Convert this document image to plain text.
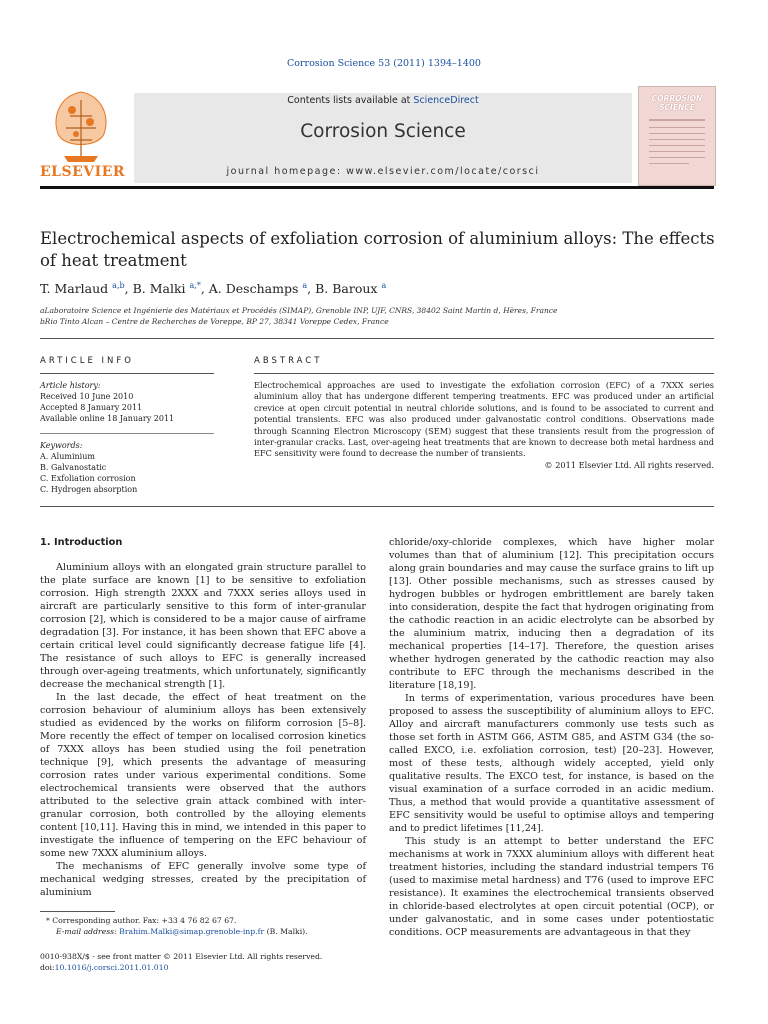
Corrosion Science 53 (2011) 1394–1400
ELSEVIER
Contents lists available at ScienceDirect
Corrosion Science
journal homepage: www.elsevier.com/locate/corsci
CORROSION SCIENCE
Electrochemical aspects of exfoliation corrosion of aluminium alloys: The effects of heat treatment
T. Marlaud $^{a,b}$, B. Malki $^{a,*}$, A. Deschamps $^a$, B. Baroux $^a$
aLaboratoire Science et Ingénierie des Matériaux et Procédés (SIMAP), Grenoble INP, UJF, CNRS, 38402 Saint Martin d, Hères, France
bRio Tinto Alcan – Centre de Recherches de Voreppe, BP 27, 38341 Voreppe Cedex, France
ARTICLE INFO	ABSTRACT
Article history:
Received 10 June 2010
Accepted 8 January 2011
Available online 18 January 2011
Keywords:
A. Aluminium
B. Galvanostatic
C. Exfoliation corrosion
C. Hydrogen absorption
Electrochemical approaches are used to investigate the exfoliation corrosion (EFC) of a 7XXX series aluminium alloy that has undergone different tempering treatments. EFC was produced under an artificial crevice at open circuit potential in neutral chloride solutions, and is found to be associated to current and potential transients. EFC was also produced under galvanostatic control conditions. Observations made through Scanning Electron Microscopy (SEM) suggest that these transients result from the progression of inter-granular cracks. Last, over-ageing heat treatments that are known to decrease both metal hardness and EFC sensitivity were found to decrease the number of transients.
© 2011 Elsevier Ltd. All rights reserved.
1. Introduction

Aluminium alloys with an elongated grain structure parallel to the plate surface are known [1] to be sensitive to exfoliation corrosion. High strength 2XXX and 7XXX series alloys used in aircraft are particularly sensitive to this form of inter-granular corrosion [2], which is considered to be a major cause of airframe degradation [3]. For instance, it has been shown that EFC above a certain critical level could significantly decrease fatigue life [4]. The resistance of such alloys to EFC is generally increased through over-ageing treatments, which unfortunately, significantly decrease the mechanical strength [1].

In the last decade, the effect of heat treatment on the corrosion behaviour of aluminium alloys has been extensively studied as evidenced by the works on filiform corrosion [5–8]. More recently the effect of temper on localised corrosion kinetics of 7XXX alloys has been studied using the foil penetration technique [9], which presents the advantage of measuring corrosion rates under various experimental conditions. Some electrochemical transients were observed that the authors attributed to the selective grain attack combined with inter-granular corrosion, both controlled by the alloying elements content [10,11]. Having this in mind, we intended in this paper to investigate the influence of tempering on the EFC behaviour of some new 7XXX aluminium alloys.

The mechanisms of EFC generally involve some type of mechanical wedging stresses, created by the precipitation of aluminium

chloride/oxy-chloride complexes, which have higher molar volumes than that of aluminium [12]. This precipitation occurs along grain boundaries and may cause the surface grains to lift up [13]. Other possible mechanisms, such as stresses caused by hydrogen bubbles or hydrogen embrittlement are barely taken into consideration, despite the fact that hydrogen originating from the cathodic reaction in an acidic electrolyte can be absorbed by the aluminium matrix, inducing then a degradation of its mechanical properties [14–17]. Therefore, the question arises whether hydrogen generated by the cathodic reaction may also contribute to EFC through the mechanisms described in the literature [18,19].

In terms of experimentation, various procedures have been proposed to assess the susceptibility of aluminium alloys to EFC. Alloy and aircraft manufacturers commonly use tests such as those set forth in ASTM G66, ASTM G85, and ASTM G34 (the so-called EXCO, i.e. exfoliation corrosion, test) [20–23]. However, most of these tests, although widely accepted, yield only qualitative results. The EXCO test, for instance, is based on the visual examination of a surface corroded in an acidic medium. Thus, a method that would provide a quantitative assessment of EFC sensitivity would be useful to optimise alloys and tempering and to predict lifetimes [11,24].

This study is an attempt to better understand the EFC mechanisms at work in 7XXX aluminium alloys with different heat treatment histories, including the standard industrial tempers T6 (used to maximise metal hardness) and T76 (used to improve EFC resistance). It examines the electrochemical transients observed in chloride-based electrolytes at open circuit potential (OCP), or under galvanostatic, and in some cases under potentiostatic conditions. OCP measurements are advantageous in that they

* Corresponding author. Fax: +33 4 76 82 67 67.
E-mail address: Brahim.Malki@simap.grenoble-inp.fr (B. Malki).
0010-938X/$ - see front matter © 2011 Elsevier Ltd. All rights reserved.
doi:10.1016/j.corsci.2011.01.010
